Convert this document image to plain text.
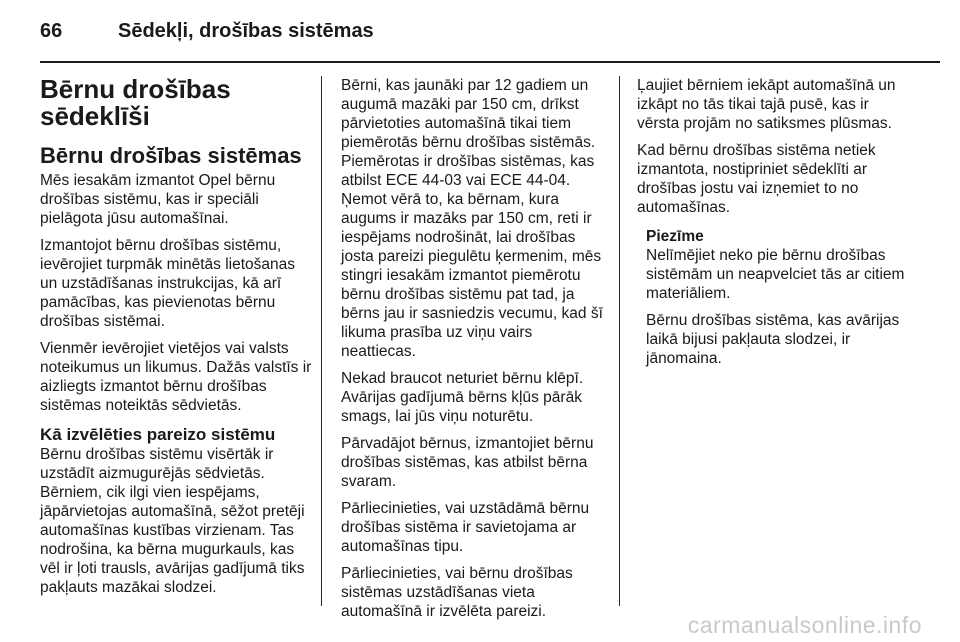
66	Sēdekļi, drošības sistēmas
Bērnu drošības sēdeklīši
Bērnu drošības sistēmas

Mēs iesakām izmantot Opel bērnu drošības sistēmu, kas ir speciāli pielāgota jūsu automašīnai.

Izmantojot bērnu drošības sistēmu, ievērojiet turpmāk minētās lietošanas un uzstādīšanas instrukcijas, kā arī pamācības, kas pievienotas bērnu drošības sistēmai.

Vienmēr ievērojiet vietējos vai valsts noteikumus un likumus. Dažās valstīs ir aizliegts izmantot bērnu drošības sistēmas noteiktās sēdvietās.

Kā izvēlēties pareizo sistēmu

Bērnu drošības sistēmu visērtāk ir uzstādīt aizmugurējās sēdvietās.

Bērniem, cik ilgi vien iespējams, jāpārvietojas automašīnā, sēžot pretēji automašīnas kustības virzienam. Tas nodrošina, ka bērna mugurkauls, kas vēl ir ļoti trausls, avārijas gadījumā tiks pakļauts mazākai slodzei.

Bērni, kas jaunāki par 12 gadiem un augumā mazāki par 150 cm, drīkst pārvietoties automašīnā tikai tiem piemērotās bērnu drošības sistēmās. Piemērotas ir drošības sistēmas, kas atbilst ECE 44-03 vai ECE 44-04. Ņemot vērā to, ka bērnam, kura augums ir mazāks par 150 cm, reti ir iespējams nodrošināt, lai drošības josta pareizi piegulētu ķermenim, mēs stingri iesakām izmantot piemērotu bērnu drošības sistēmu pat tad, ja bērns jau ir sasniedzis vecumu, kad šī likuma prasība uz viņu vairs neattiecas.

Nekad braucot neturiet bērnu klēpī. Avārijas gadījumā bērns kļūs pārāk smags, lai jūs viņu noturētu.

Pārvadājot bērnus, izmantojiet bērnu drošības sistēmas, kas atbilst bērna svaram.

Pārliecinieties, vai uzstādāmā bērnu drošības sistēma ir savietojama ar automašīnas tipu.

Pārliecinieties, vai bērnu drošības sistēmas uzstādīšanas vieta automašīnā ir izvēlēta pareizi.

Ļaujiet bērniem iekāpt automašīnā un izkāpt no tās tikai tajā pusē, kas ir vērsta projām no satiksmes plūsmas.

Kad bērnu drošības sistēma netiek izmantota, nostipriniet sēdeklīti ar drošības jostu vai izņemiet to no automašīnas.

Piezīme

Nelīmējiet neko pie bērnu drošības sistēmām un neapvelciet tās ar citiem materiāliem.

Bērnu drošības sistēma, kas avārijas laikā bijusi pakļauta slodzei, ir jānomaina.

carmanualsonline.info
